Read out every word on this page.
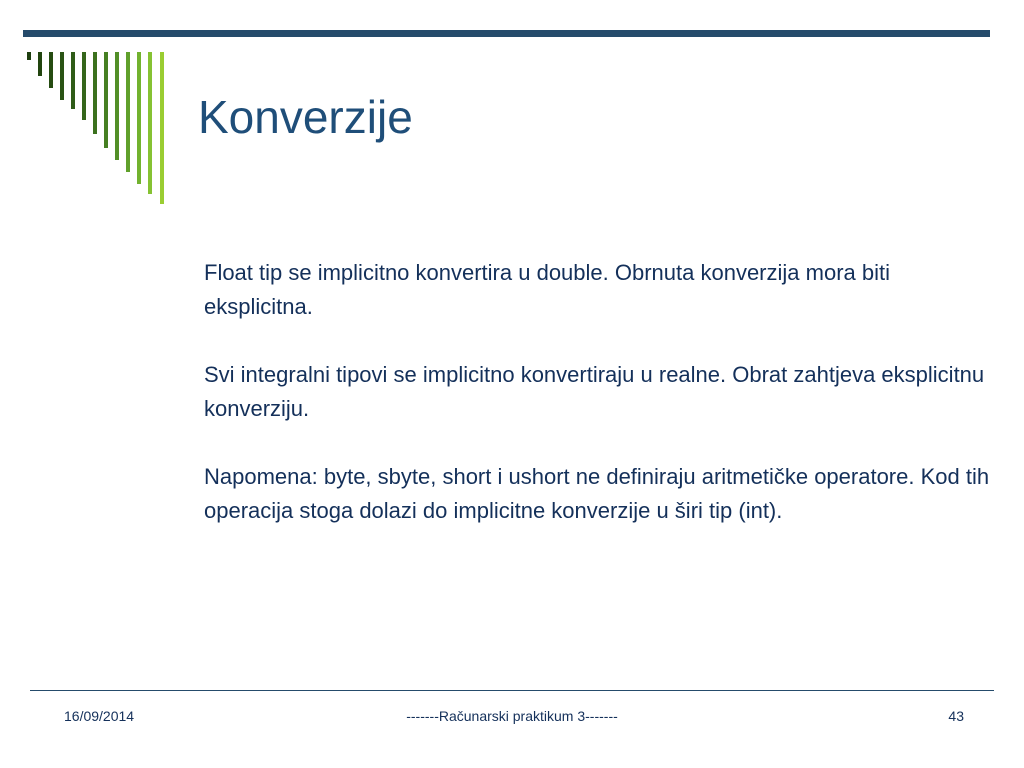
Konverzije

Float tip se implicitno konvertira u double. Obrnuta konverzija mora biti eksplicitna.

Svi integralni tipovi se implicitno konvertiraju u realne. Obrat zahtjeva eksplicitnu konverziju.

Napomena: byte, sbyte, short i ushort ne definiraju aritmetičke operatore. Kod tih operacija stoga dolazi do implicitne konverzije u širi tip (int).

16/09/2014	-------Računarski praktikum 3-------	43
